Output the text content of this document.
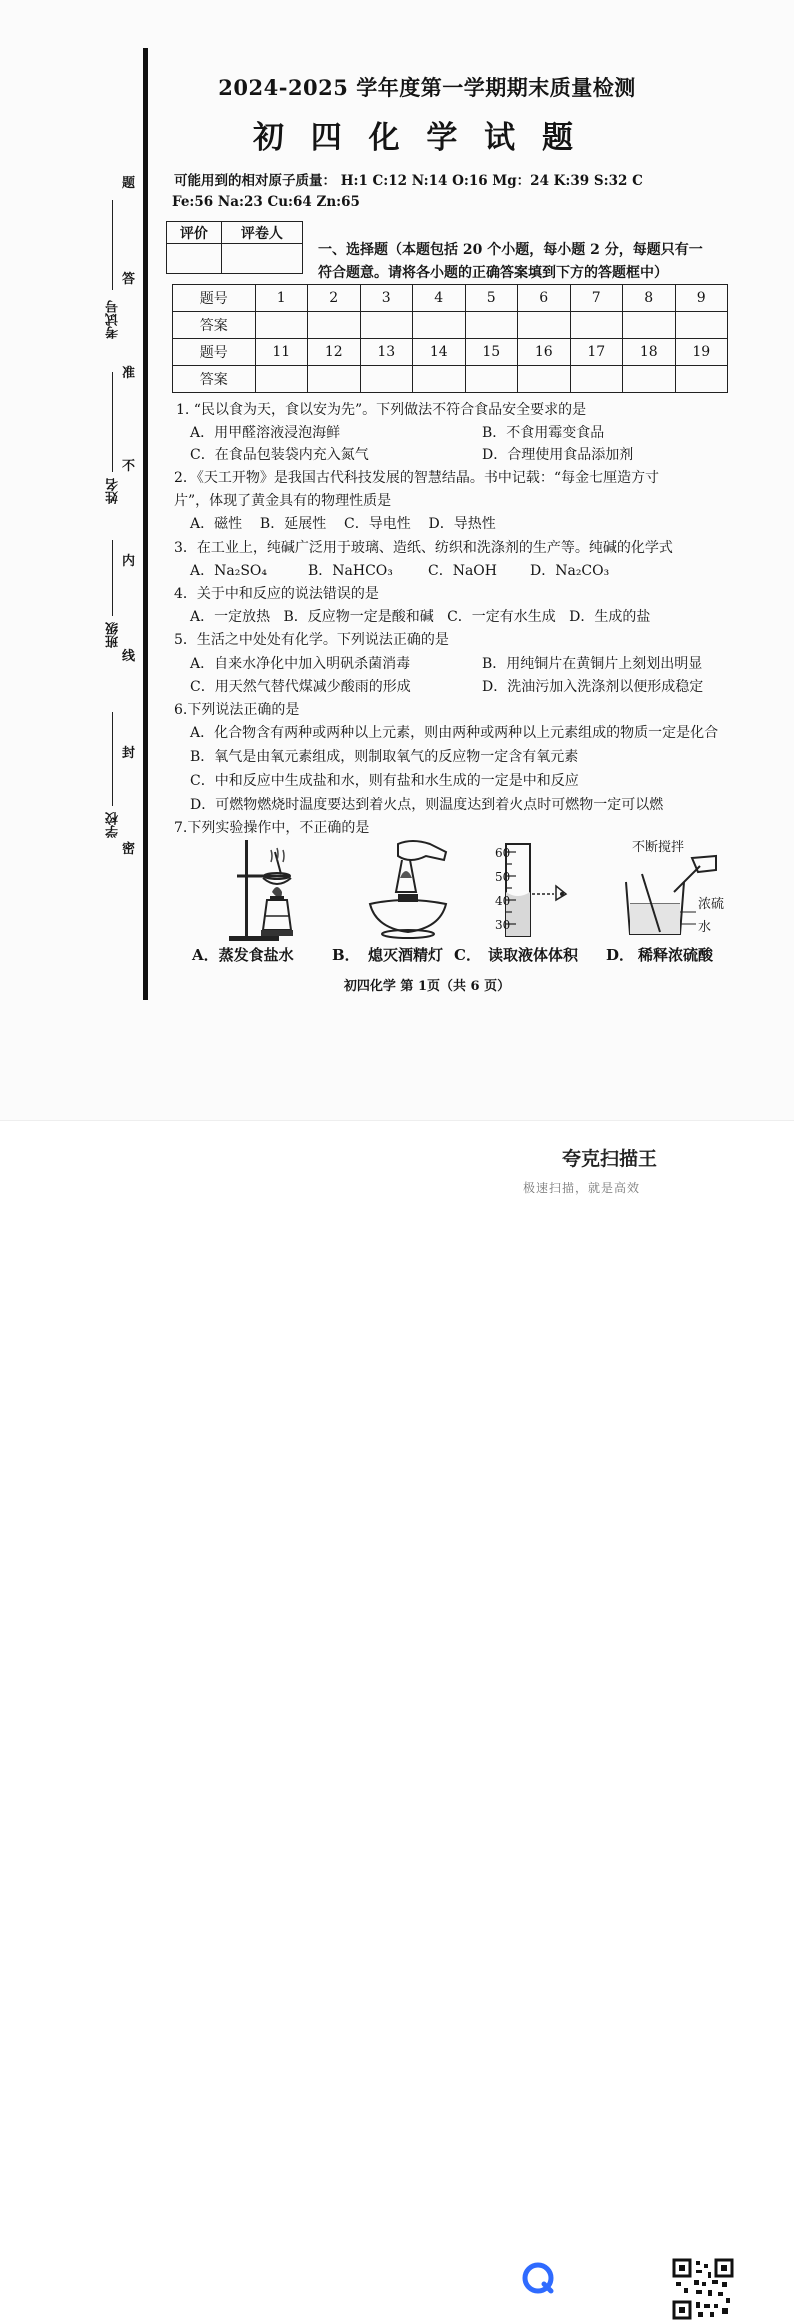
题
答
准
不
内
线
封
密
考试号
姓名
班级
学校
2024-2025 学年度第一学期期末质量检测
初 四 化 学 试 题
可能用到的相对原子质量： H:1 C:12 N:14 O:16 Mg：24 K:39 S:32 C
Fe:56 Na:23 Cu:64 Zn:65
评价	评卷人

一、选择题（本题包括 20 个小题，每小题 2 分，每题只有一
符合题意。请将各小题的正确答案填到下方的答题框中）
题号	1	2	3	4	5	6	7	8	9
答案									
题号	11	12	13	14	15	16	17	18	19
答案									
1. “民以食为天，食以安为先”。下列做法不符合食品安全要求的是
A．用甲醛溶液浸泡海鲜	B．不食用霉变食品
C．在食品包装袋内充入氮气	D．合理使用食品添加剂
2．《天工开物》是我国古代科技发展的智慧结晶。书中记载：“每金七厘造方寸
片”，体现了黄金具有的物理性质是
A．磁性    B．延展性    C．导电性    D．导热性
3．在工业上，纯碱广泛用于玻璃、造纸、纺织和洗涤剂的生产等。纯碱的化学式
A．Na₂SO₄	B．NaHCO₃	C．NaOH D．Na₂CO₃
4．关于中和反应的说法错误的是
A．一定放热   B．反应物一定是酸和碱   C．一定有水生成   D．生成的盐
5．生活之中处处有化学。下列说法正确的是
A．自来水净化中加入明矾杀菌消毒	B．用纯铜片在黄铜片上刻划出明显
C．用天然气替代煤减少酸雨的形成	D．洗油污加入洗涤剂以便形成稳定
6.下列说法正确的是
A．化合物含有两种或两种以上元素，则由两种或两种以上元素组成的物质一定是化合
B．氧气是由氧元素组成，则制取氧气的反应物一定含有氧元素
C．中和反应中生成盐和水，则有盐和水生成的一定是中和反应
D．可燃物燃烧时温度要达到着火点，则温度达到着火点时可燃物一定可以燃
7.下列实验操作中，不正确的是
A．蒸发食盐水	B． 熄灭酒精灯
60
50
40
30
C． 读取液体体积
不断搅拌
浓硫
水
D． 稀释浓硫酸
初四化学 第 1页（共 6 页）
夸克扫描王
极速扫描，就是高效
